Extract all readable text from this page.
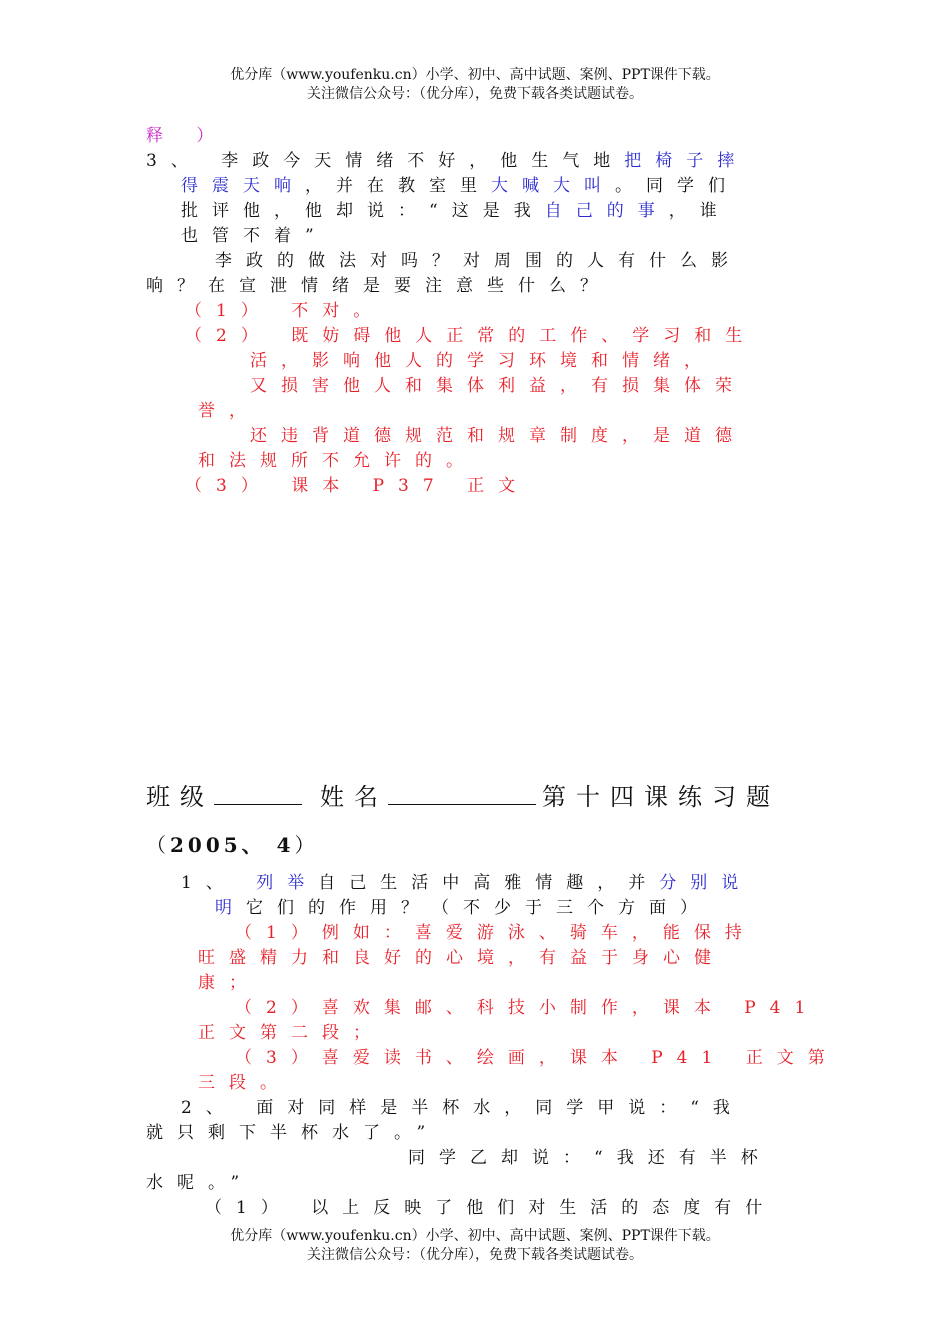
优分库（www.youfenku.cn）小学、初中、高中试题、案例、PPT课件下载。
关注微信公众号：（优分库），免费下载各类试题试卷。
释 ）
3、 李政今天情绪不好，他生气地把椅子摔
得震天响，并在教室里大喊大叫。同学们
批评他，他却说：“这是我自己的事，谁
也管不着”
李政的做法对吗？对周围的人有什么影
响？在宣泄情绪是要注意些什么？
（1） 不对。
（2） 既妨碍他人正常的工作、学习和生
活，影响他人的学习环境和情绪，
又损害他人和集体利益，有损集体荣
誉，
还违背道德规范和规章制度，是道德
和法规所不允许的。
（3） 课本 P37 正文
班级	姓名	第十四课练习题
（2005、 4）
1、 列举自己生活中高雅情趣，并分别说
明它们的作用？（不少于三个方面）
（1）例如：喜爱游泳、骑车，能保持
旺盛精力和良好的心境，有益于身心健
康；
（2）喜欢集邮、科技小制作，课本 P41
正文第二段；
（3）喜爱读书、绘画，课本 P41 正文第
三段。
2、 面对同样是半杯水，同学甲说：“我
就只剩下半杯水了。”
同学乙却说：“我还有半杯
水呢。”
（1） 以上反映了他们对生活的态度有什
优分库（www.youfenku.cn）小学、初中、高中试题、案例、PPT课件下载。
关注微信公众号：（优分库），免费下载各类试题试卷。
